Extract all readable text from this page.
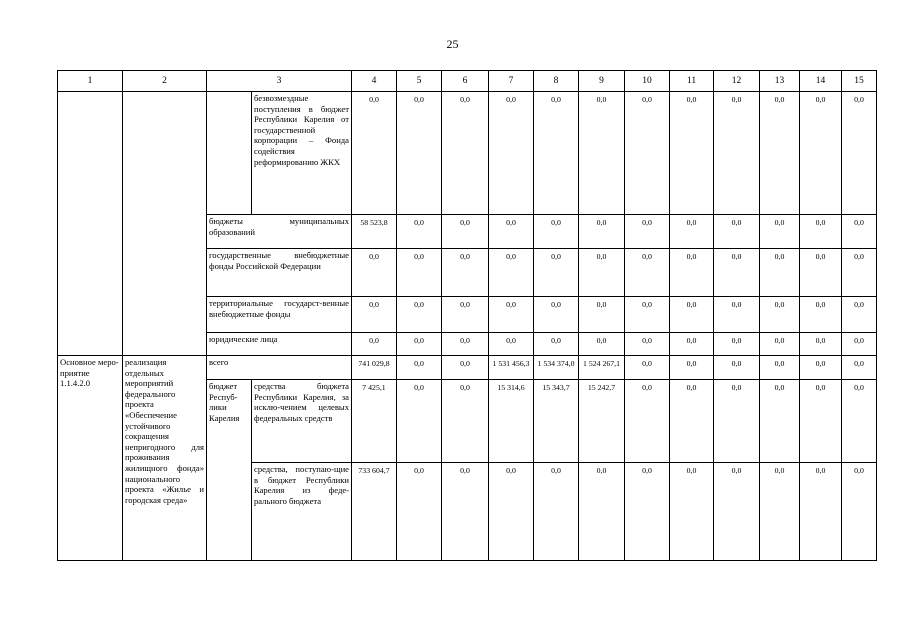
25
1	2	3		4	5	6	7	8	9	10	11	12	13	14	15
			безвозмездные поступления в бюджет Республики Карелия от государственной корпорации – Фонда содействия реформированию ЖКХ	0,0	0,0	0,0	0,0	0,0	0,0	0,0	0,0	0,0	0,0	0,0	0,0
		бюджеты муниципальных образований		58 523,8	0,0	0,0	0,0	0,0	0,0	0,0	0,0	0,0	0,0	0,0	0,0
		государственные внебюджетные фонды Российской Федерации		0,0	0,0	0,0	0,0	0,0	0,0	0,0	0,0	0,0	0,0	0,0	0,0
		территориальные государст-венные внебюджетные фонды		0,0	0,0	0,0	0,0	0,0	0,0	0,0	0,0	0,0	0,0	0,0	0,0
		юридические лица		0,0	0,0	0,0	0,0	0,0	0,0	0,0	0,0	0,0	0,0	0,0	0,0
Основное меро-приятие 1.1.4.2.0	реализация отдельных мероприятий федерального проекта «Обеспечение устойчивого сокращения непригодного для проживания жилищного фонда» национального проекта «Жилье и городская среда»	всего		741 029,8	0,0	0,0	1 531 456,3	1 534 374,0	1 524 267,1	0,0	0,0	0,0	0,0	0,0	0,0
		бюджет Респуб-лики Карелия	средства бюджета Республики Карелия, за исклю-чением целевых федеральных средств	7 425,1	0,0	0,0	15 314,6	15 343,7	15 242,7	0,0	0,0	0,0	0,0	0,0	0,0
			средства, поступаю-щие в бюджет Республики Карелия из феде-рального бюджета	733 604,7	0,0	0,0	0,0	0,0	0,0	0,0	0,0	0,0	0,0	0,0	0,0
